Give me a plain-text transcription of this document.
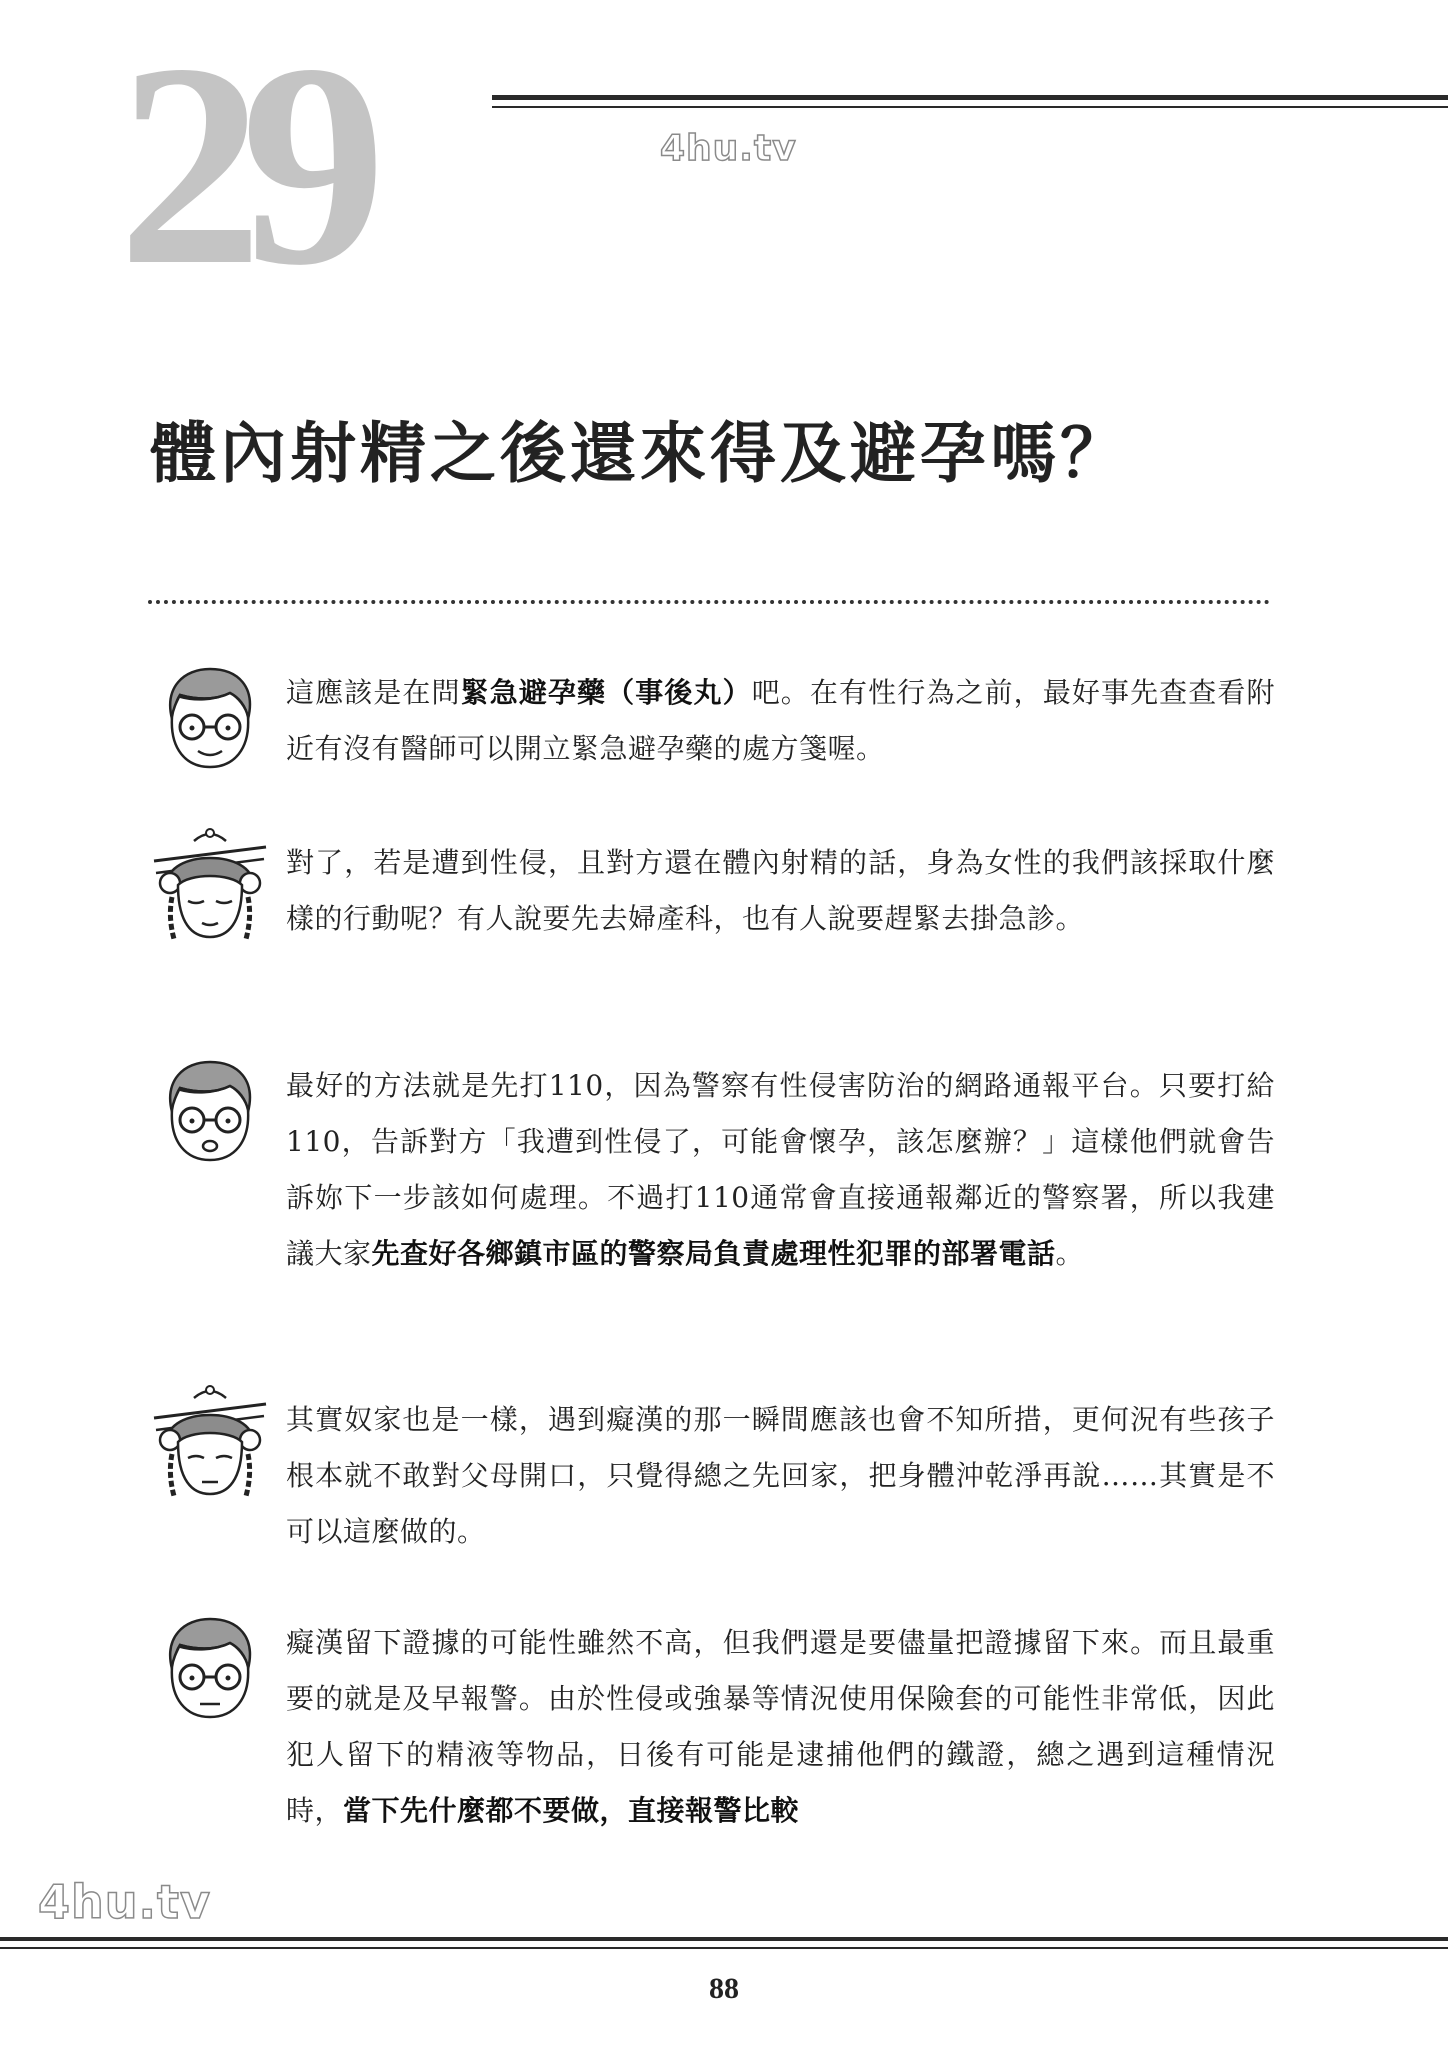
29	4hu.tv
體內射精之後還來得及避孕嗎？

這應該是在問緊急避孕藥（事後丸）吧。在有性行為之前，最好事先查查看附近有沒有醫師可以開立緊急避孕藥的處方箋喔。

對了，若是遭到性侵，且對方還在體內射精的話，身為女性的我們該採取什麼樣的行動呢？有人說要先去婦產科，也有人說要趕緊去掛急診。

最好的方法就是先打110，因為警察有性侵害防治的網路通報平台。只要打給110，告訴對方「我遭到性侵了，可能會懷孕，該怎麼辦？」這樣他們就會告訴妳下一步該如何處理。不過打110通常會直接通報鄰近的警察署，所以我建議大家先查好各鄉鎮市區的警察局負責處理性犯罪的部署電話。

其實奴家也是一樣，遇到癡漢的那一瞬間應該也會不知所措，更何況有些孩子根本就不敢對父母開口，只覺得總之先回家，把身體沖乾淨再說……其實是不可以這麼做的。

癡漢留下證據的可能性雖然不高，但我們還是要儘量把證據留下來。而且最重要的就是及早報警。由於性侵或強暴等情況使用保險套的可能性非常低，因此犯人留下的精液等物品，日後有可能是逮捕他們的鐵證，總之遇到這種情況時，當下先什麼都不要做，直接報警比較

4hu.tv
88
